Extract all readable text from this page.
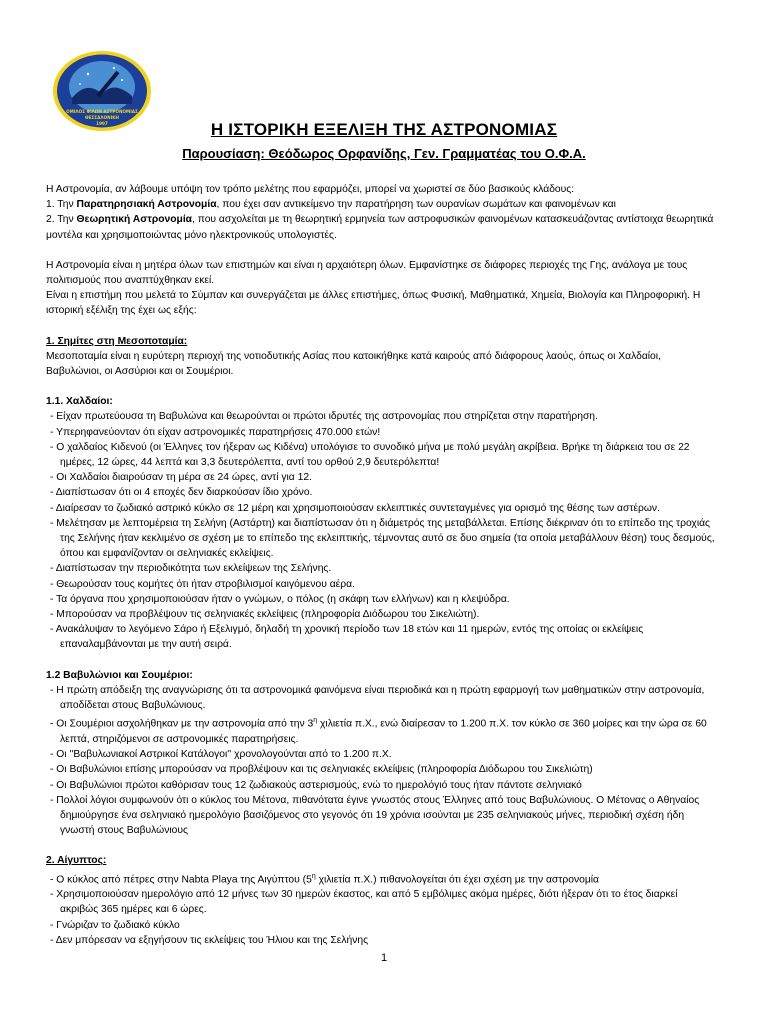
ΟΜΙΛΟΣ ΦΙΛΩΝ ΑΣΤΡΟΝΟΜΙΑΣ
ΘΕΣΣΑΛΟΝΙΚΗ
1997	Η ΙΣΤΟΡΙΚΗ ΕΞΕΛΙΞΗ ΤΗΣ ΑΣΤΡΟΝΟΜΙΑΣ
Παρουσίαση: Θεόδωρος Ορφανίδης, Γεν. Γραμματέας του Ο.Φ.Α.

Η Αστρονομία, αν λάβουμε υπόψη τον τρόπο μελέτης που εφαρμόζει, μπορεί να χωριστεί σε δύο βασικούς κλάδους:

1. Την Παρατηρησιακή Αστρονομία, που έχει σαν αντικείμενο την παρατήρηση των ουρανίων σωμάτων και φαινομένων και

2. Την Θεωρητική Αστρονομία, που ασχολείται με τη θεωρητική ερμηνεία των αστροφυσικών φαινομένων κατασκευάζοντας αντίστοιχα θεωρητικά μοντέλα και χρησιμοποιώντας μόνο ηλεκτρονικούς υπολογιστές.

Η Αστρονομία είναι η μητέρα όλων των επιστημών και είναι η αρχαιότερη όλων. Εμφανίστηκε σε διάφορες περιοχές της Γης, ανάλογα με τους πολιτισμούς που αναπτύχθηκαν εκεί.

Είναι η επιστήμη που μελετά το Σύμπαν και συνεργάζεται με άλλες επιστήμες, όπως Φυσική, Μαθηματικά, Χημεία, Βιολογία και Πληροφορική. Η ιστορική εξέλιξη της έχει ως εξής:

1. Σημίτες στη Μεσοποταμία:

Μεσοποταμία είναι η ευρύτερη περιοχή της νοτιοδυτικής Ασίας που κατοικήθηκε κατά καιρούς από διάφορους λαούς, όπως οι Χαλδαίοι, Βαβυλώνιοι, οι Ασσύριοι και οι Σουμέριοι.

1.1. Χαλδαίοι:

- Είχαν πρωτεύουσα τη Βαβυλώνα και θεωρούνται οι πρώτοι ιδρυτές της αστρονομίας που στηρίζεται στην παρατήρηση.

- Υπερηφανεύονταν ότι είχαν αστρονομικές παρατηρήσεις 470.000 ετών!

- Ο χαλδαίος Κιδενού (οι Έλληνες τον ήξεραν ως Κιδένα) υπολόγισε το συνοδικό μήνα με πολύ μεγάλη ακρίβεια. Βρήκε τη διάρκεια του σε 22 ημέρες, 12 ώρες, 44 λεπτά και 3,3 δευτερόλεπτα, αντί του ορθού 2,9 δευτερόλεπτα!

- Οι Χαλδαίοι διαιρούσαν τη μέρα σε 24 ώρες, αντί για 12.

- Διαπίστωσαν ότι οι 4 εποχές δεν διαρκούσαν ίδιο χρόνο.

- Διαίρεσαν το ζωδιακό αστρικό κύκλο σε 12 μέρη και χρησιμοποιούσαν εκλειπτικές συντεταγμένες για ορισμό της θέσης των αστέρων.

- Μελέτησαν με λεπτομέρεια τη Σελήνη (Αστάρτη) και διαπίστωσαν ότι η διάμετρός της μεταβάλλεται. Επίσης διέκριναν ότι το επίπεδο της τροχιάς της Σελήνης ήταν κεκλιμένο σε σχέση με το επίπεδο της εκλειπτικής, τέμνοντας αυτό σε δυο σημεία (τα οποία μεταβάλλουν θέση) τους δεσμούς, όπου και εμφανίζονταν οι σεληνιακές εκλείψεις.

- Διαπίστωσαν την περιοδικότητα των εκλείψεων της Σελήνης.

- Θεωρούσαν τους κομήτες ότι ήταν στροβιλισμοί καιγόμενου αέρα.

- Τα όργανα που χρησιμοποιούσαν ήταν ο γνώμων, ο πόλος (η σκάφη των ελλήνων) και η κλεψύδρα.

- Μπορούσαν να προβλέψουν τις σεληνιακές εκλείψεις (πληροφορία Διόδωρου του Σικελιώτη).

- Ανακάλυψαν το λεγόμενο Σάρο ή Εξελιγμό, δηλαδή τη χρονική περίοδο των 18 ετών και 11 ημερών, εντός της οποίας οι εκλείψεις επαναλαμβάνονται με την αυτή σειρά.

1.2 Βαβυλώνιοι και Σουμέριοι:

- Η πρώτη απόδειξη της αναγνώρισης ότι τα αστρονομικά φαινόμενα είναι περιοδικά και η πρώτη εφαρμογή των μαθηματικών στην αστρονομία, αποδίδεται στους Βαβυλώνιους.

- Οι Σουμέριοι ασχολήθηκαν με την αστρονομία από την $3^\eta$ χιλιετία π.Χ., ενώ διαίρεσαν το 1.200 π.Χ. τον κύκλο σε 360 μοίρες και την ώρα σε 60 λεπτά, στηριζόμενοι σε αστρονομικές παρατηρήσεις.

- Οι ''Βαβυλωνιακοί Αστρικοί Κατάλογοι'' χρονολογούνται από το 1.200 π.Χ.

- Οι Βαβυλώνιοι επίσης μπορούσαν να προβλέψουν και τις σεληνιακές εκλείψεις (πληροφορία Διόδωρου του Σικελιώτη)

- Οι Βαβυλώνιοι πρώτοι καθόρισαν τους 12 ζωδιακούς αστερισμούς, ενώ το ημερολόγιό τους ήταν πάντοτε σεληνιακό

- Πολλοί λόγιοι συμφωνούν ότι ο κύκλος του Μέτονα, πιθανότατα έγινε γνωστός στους Έλληνες από τους Βαβυλώνιους. Ο Μέτονας ο Αθηναίος δημιούργησε ένα σεληνιακό ημερολόγιο βασιζόμενος στο γεγονός ότι 19 χρόνια ισούνται με 235 σεληνιακούς μήνες, περιοδική σχέση ήδη γνωστή στους Βαβυλώνιους

2. Αίγυπτος:

- Ο κύκλος από πέτρες στην Nabta Playa της Αιγύπτου ($5^\eta$ χιλιετία π.Χ.) πιθανολογείται ότι έχει σχέση με την αστρονομία

- Χρησιμοποιούσαν ημερολόγιο από 12 μήνες των 30 ημερών έκαστος, και από 5 εμβόλιμες ακόμα ημέρες, διότι ήξεραν ότι το έτος διαρκεί ακριβώς 365 ημέρες και 6 ώρες.

- Γνώριζαν το ζωδιακό κύκλο

- Δεν μπόρεσαν να εξηγήσουν τις εκλείψεις του Ήλιου και της Σελήνης

1
